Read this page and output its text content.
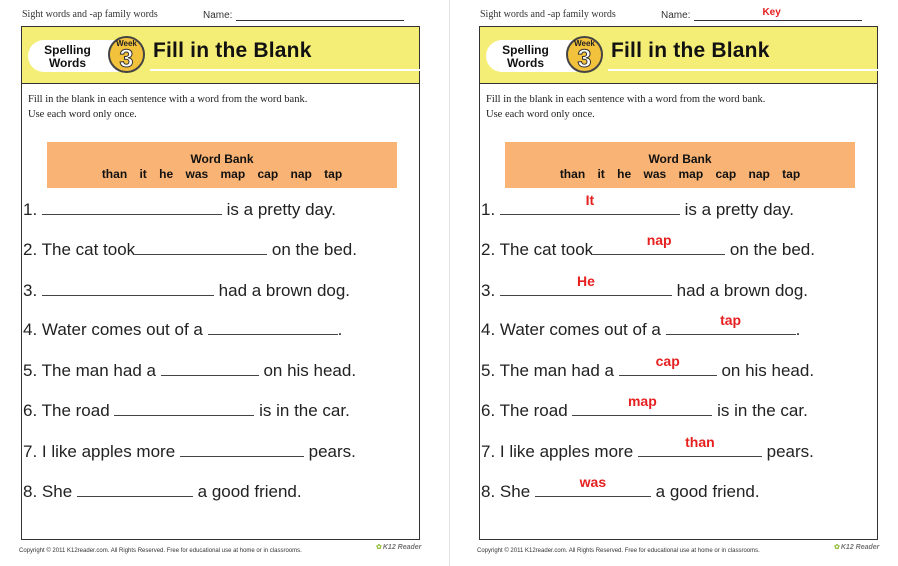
Sight words and -ap family words	Name:
Spelling
Words
Week
3 Fill in the Blank
Fill in the blank in each sentence with a word from the word bank.
Use each word only once.
Word Bank
than it he was map cap nap tap
1.	is a pretty day.
2. The cat took	on the bed.
3.	had a brown dog.
4. Water comes out of a	.
5. The man had a	on his head.
6. The road	is in the car.
7. I like apples more	pears.
8. She	a good friend.
Copyright © 2011 K12reader.com. All Rights Reserved. Free for educational use at home or in classrooms.	✿K12 Reader
Sight words and -ap family words	Name:	Key
Spelling
Words
Week
3 Fill in the Blank
Fill in the blank in each sentence with a word from the word bank.
Use each word only once.
Word Bank
than it he was map cap nap tap
1.	It	is a pretty day.
2. The cat took	nap	on the bed.
3.	He	had a brown dog.
4. Water comes out of a	tap	.
5. The man had a	cap	on his head.
6. The road	map	is in the car.
7. I like apples more	than	pears.
8. She	was	a good friend.
Copyright © 2011 K12reader.com. All Rights Reserved. Free for educational use at home or in classrooms.	✿K12 Reader
